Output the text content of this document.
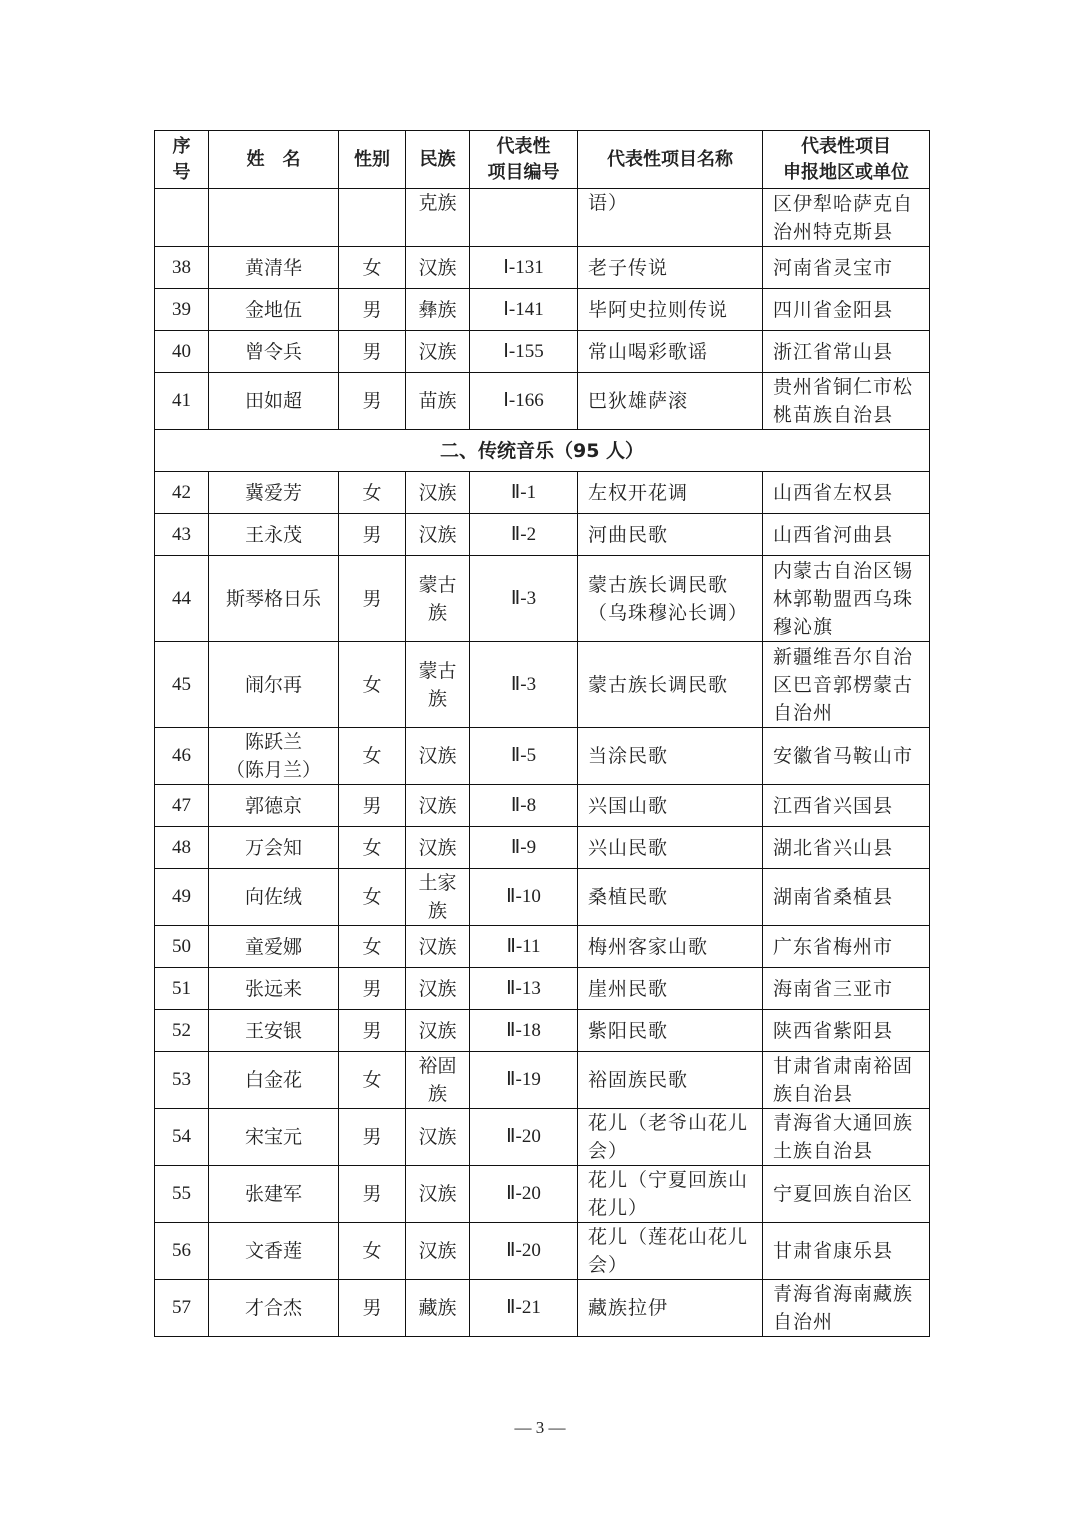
序
号	姓　名	性别	民族	代表性
项目编号	代表性项目名称	代表性项目
申报地区或单位
			克族		语）	区伊犁哈萨克自
治州特克斯县
38	黄清华	女	汉族	Ⅰ-131	老子传说	河南省灵宝市
39	金地伍	男	彝族	Ⅰ-141	毕阿史拉则传说	四川省金阳县
40	曾令兵	男	汉族	Ⅰ-155	常山喝彩歌谣	浙江省常山县
41	田如超	男	苗族	Ⅰ-166	巴狄雄萨滚	贵州省铜仁市松
桃苗族自治县
二、传统音乐（95 人）						
42	冀爱芳	女	汉族	Ⅱ-1	左权开花调	山西省左权县
43	王永茂	男	汉族	Ⅱ-2	河曲民歌	山西省河曲县
44	斯琴格日乐	男	蒙古
族	Ⅱ-3	蒙古族长调民歌
（乌珠穆沁长调）	内蒙古自治区锡
林郭勒盟西乌珠
穆沁旗
45	闹尔再	女	蒙古
族	Ⅱ-3	蒙古族长调民歌	新疆维吾尔自治
区巴音郭楞蒙古
自治州
46	陈跃兰
（陈月兰）	女	汉族	Ⅱ-5	当涂民歌	安徽省马鞍山市
47	郭德京	男	汉族	Ⅱ-8	兴国山歌	江西省兴国县
48	万会知	女	汉族	Ⅱ-9	兴山民歌	湖北省兴山县
49	向佐绒	女	土家
族	Ⅱ-10	桑植民歌	湖南省桑植县
50	童爱娜	女	汉族	Ⅱ-11	梅州客家山歌	广东省梅州市
51	张远来	男	汉族	Ⅱ-13	崖州民歌	海南省三亚市
52	王安银	男	汉族	Ⅱ-18	紫阳民歌	陕西省紫阳县
53	白金花	女	裕固
族	Ⅱ-19	裕固族民歌	甘肃省肃南裕固
族自治县
54	宋宝元	男	汉族	Ⅱ-20	花儿（老爷山花儿
会）	青海省大通回族
土族自治县
55	张建军	男	汉族	Ⅱ-20	花儿（宁夏回族山
花儿）	宁夏回族自治区
56	文香莲	女	汉族	Ⅱ-20	花儿（莲花山花儿
会）	甘肃省康乐县
57	才合杰	男	藏族	Ⅱ-21	藏族拉伊	青海省海南藏族
自治州
— 3 —
